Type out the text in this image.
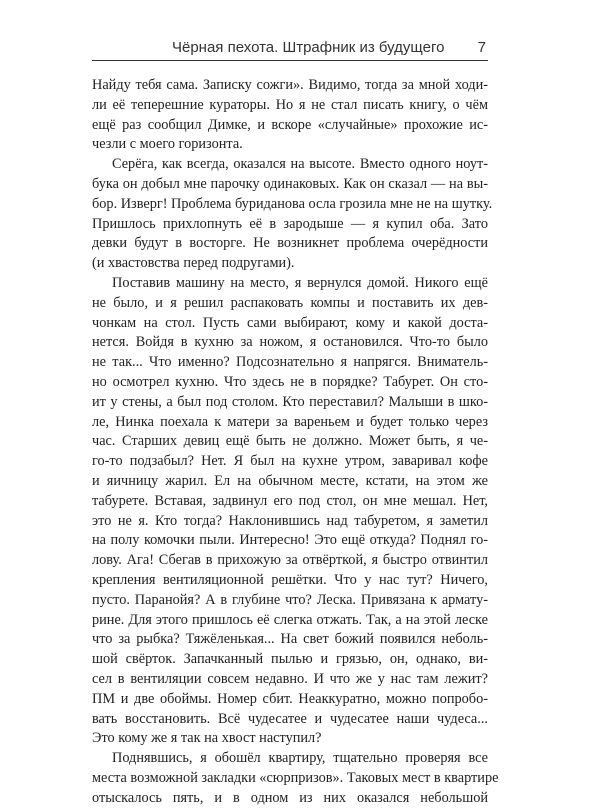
Чёрная пехота. Штрафник из будущего 7
Найду тебя сама. Записку сожги». Видимо, тогда за мной ходи-
ли её теперешние кураторы. Но я не стал писать книгу, о чём
ещё раз сообщил Димке, и вскоре «случайные» прохожие ис-
чезли с моего горизонта.
Серёга, как всегда, оказался на высоте. Вместо одного ноут-
бука он добыл мне парочку одинаковых. Как он сказал — на вы-
бор. Изверг! Проблема буриданова осла грозила мне не на шутку.
Пришлось прихлопнуть её в зародыше — я купил оба. Зато
девки будут в восторге. Не возникнет проблема очерёдности
(и хвастовства перед подругами).
Поставив машину на место, я вернулся домой. Никого ещё
не было, и я решил распаковать компы и поставить их дев-
чонкам на стол. Пусть сами выбирают, кому и какой доста-
нется. Войдя в кухню за ножом, я остановился. Что-то было
не так... Что именно? Подсознательно я напрягся. Вниматель-
но осмотрел кухню. Что здесь не в порядке? Табурет. Он сто-
ит у стены, а был под столом. Кто переставил? Малыши в шко-
ле, Нинка поехала к матери за вареньем и будет только через
час. Старших девиц ещё быть не должно. Может быть, я че-
го-то подзабыл? Нет. Я был на кухне утром, заваривал кофе
и яичницу жарил. Ел на обычном месте, кстати, на этом же
табурете. Вставая, задвинул его под стол, он мне мешал. Нет,
это не я. Кто тогда? Наклонившись над табуретом, я заметил
на полу комочки пыли. Интересно! Это ещё откуда? Поднял го-
лову. Ага! Сбегав в прихожую за отвёрткой, я быстро отвинтил
крепления вентиляционной решётки. Что у нас тут? Ничего,
пусто. Паранойя? А в глубине что? Леска. Привязана к армату-
рине. Для этого пришлось её слегка отжать. Так, а на этой леске
что за рыбка? Тяжёленькая... На свет божий появился неболь-
шой свёрток. Запачканный пылью и грязью, он, однако, ви-
сел в вентиляции совсем недавно. И что же у нас там лежит?
ПМ и две обоймы. Номер сбит. Неаккуратно, можно попробо-
вать восстановить. Всё чудесатее и чудесатее наши чудеса...
Это кому же я так на хвост наступил?
Поднявшись, я обошёл квартиру, тщательно проверяя все
места возможной закладки «сюрпризов». Таковых мест в квартире
отыскалось пять, и в одном из них оказался небольшой
